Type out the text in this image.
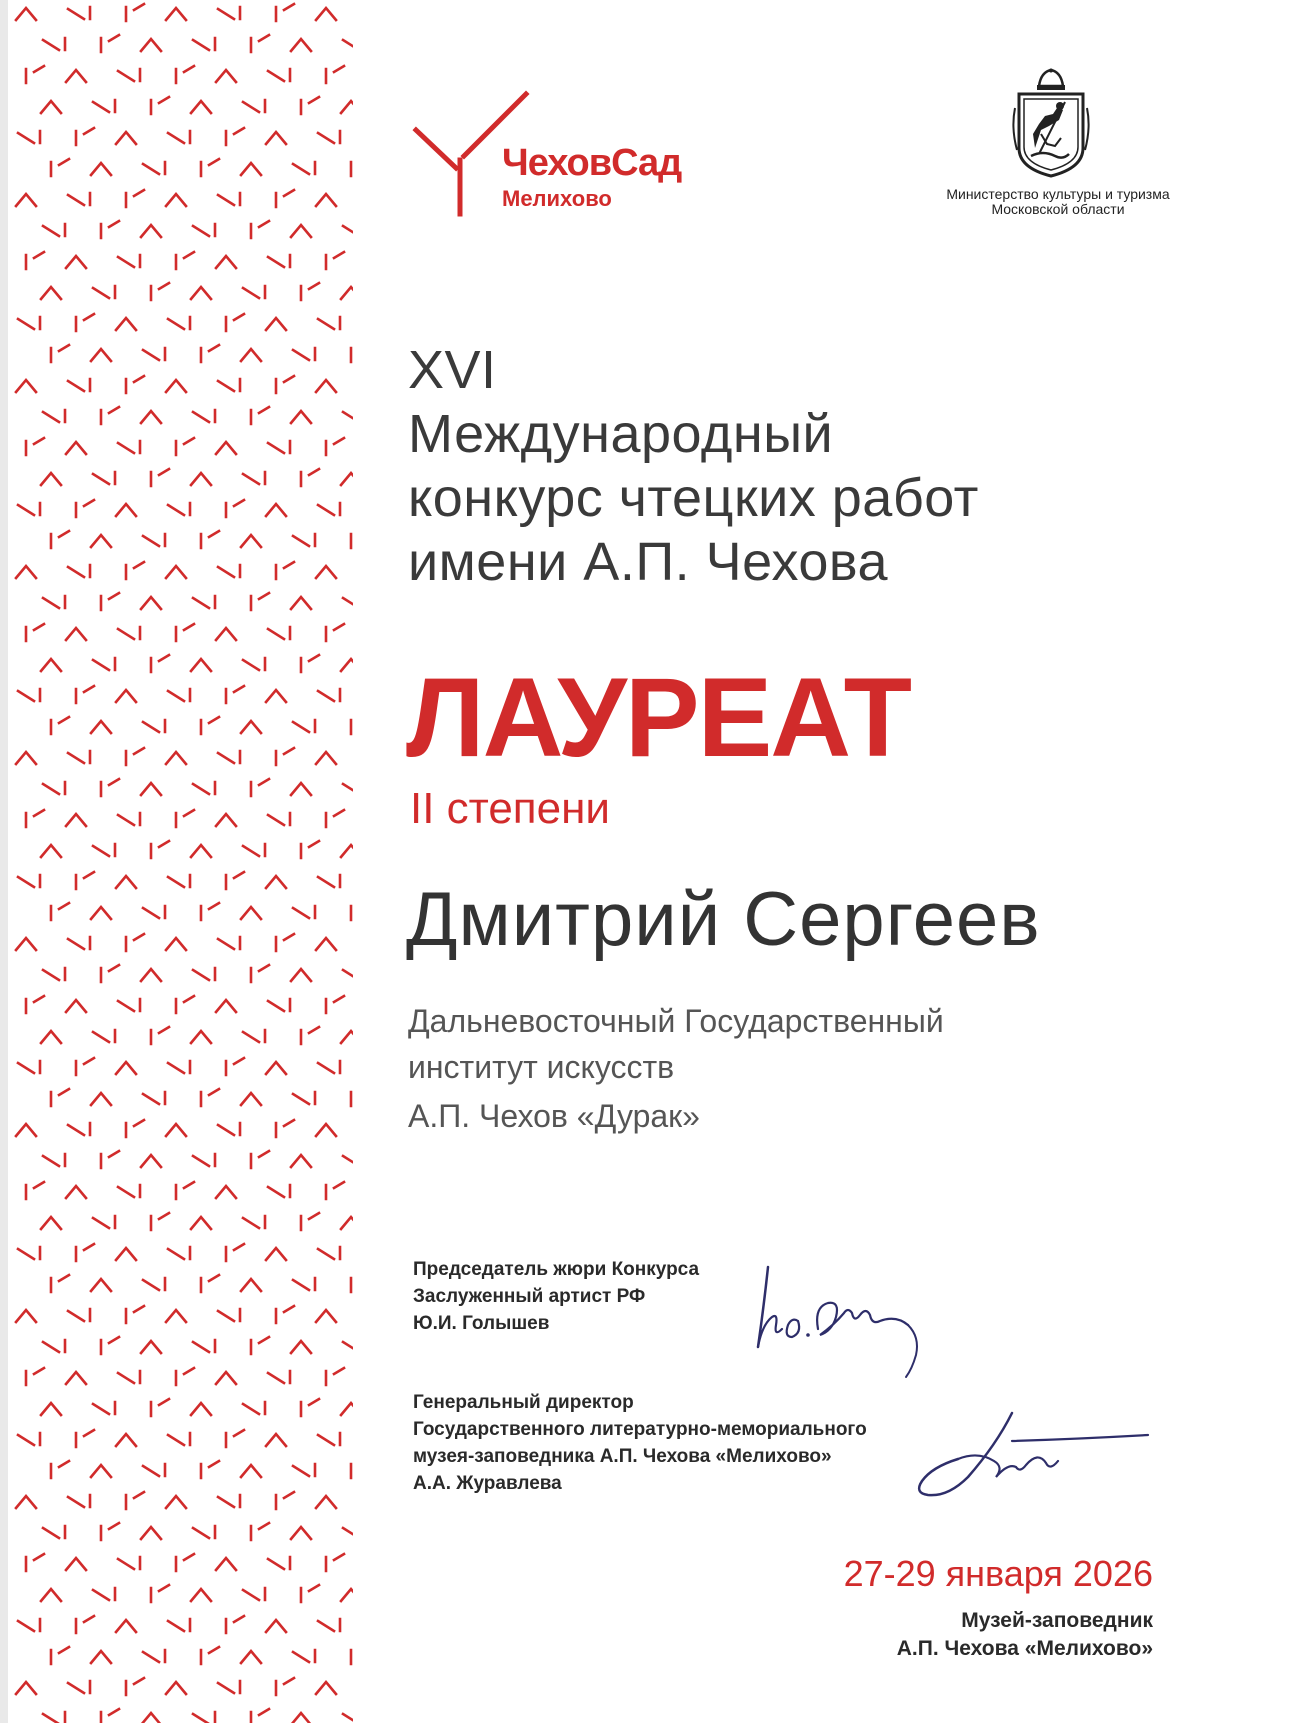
ЧеховСад
Мелихово	Министерство культуры и туризма
Московской области
XVI
Международный
конкурс чтецких работ
имени А.П. Чехова
ЛАУРЕАТ
II степени
Дмитрий Сергеев
Дальневосточный Государственный
институт искусств
А.П. Чехов «Дурак»
Председатель жюри Конкурса
Заслуженный артист РФ
Ю.И. Голышев
Генеральный директор
Государственного литературно-мемориального
музея-заповедника А.П. Чехова «Мелихово»
А.А. Журавлева
27-29 января 2026
Музей-заповедник
А.П. Чехова «Мелихово»
